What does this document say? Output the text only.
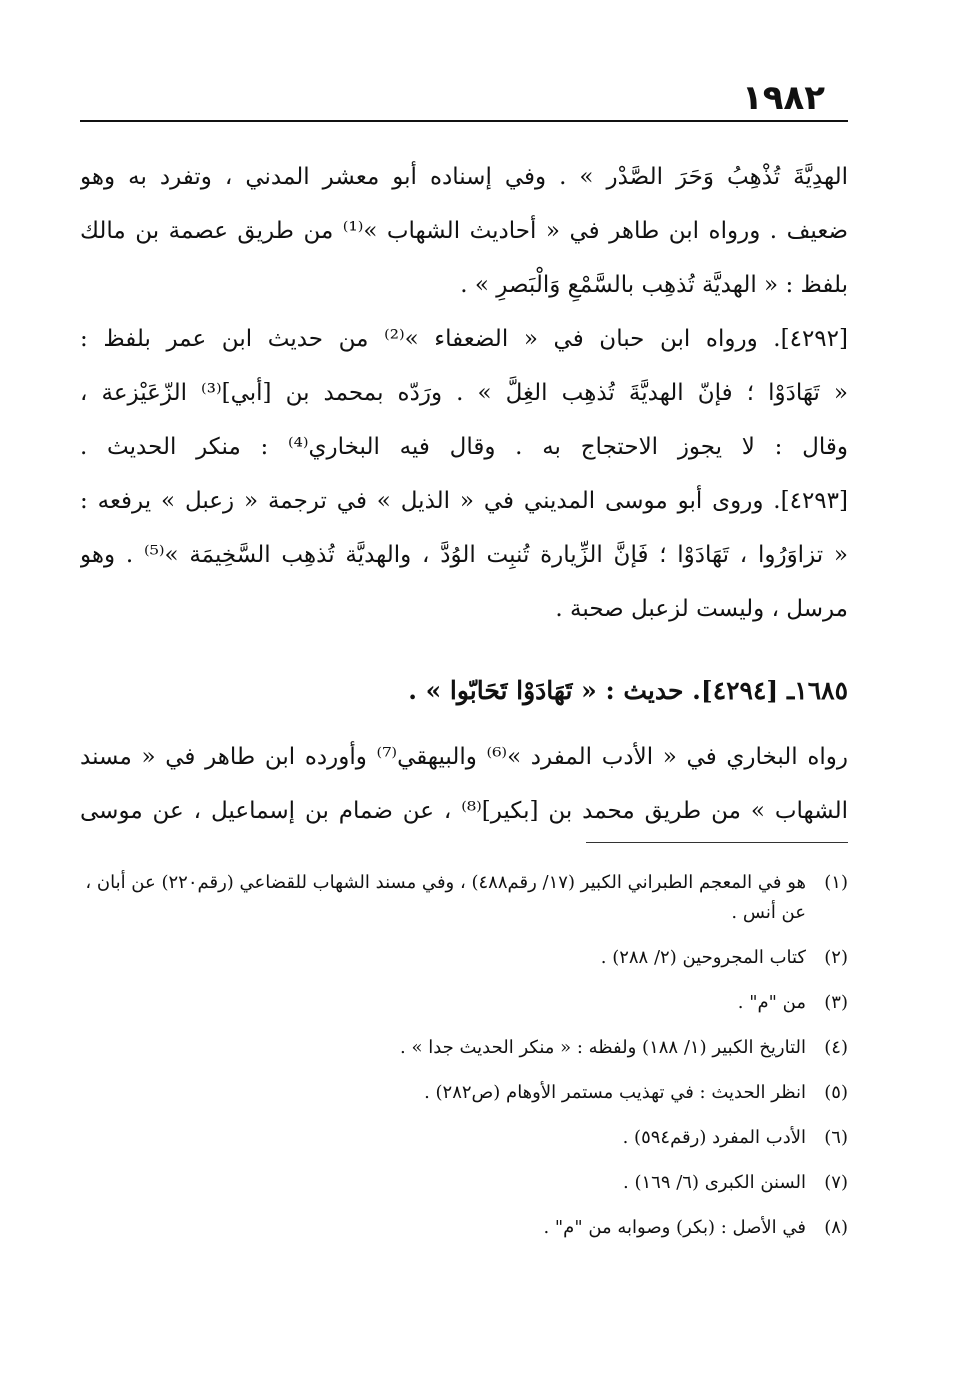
١٩٨٢
الهدِيَّةَ تُذْهِبُ وَحَرَ الصَّدْر » . وفي إسناده أبو معشر المدني ، وتفرد به وهو
ضعيف . ورواه ابن طاهر في « أحاديث الشهاب »⁽¹⁾ من طريق عصمة بن مالك
بلفظ : « الهديَّة تُذهِب بالسَّمْعِ وَالْبَصرِ » .
[٤٢٩٢]. ورواه ابن حبان في « الضعفاء »⁽²⁾ من حديث ابن عمر بلفظ :
« تَهَادَوْا ؛ فإنّ الهديَّةَ تُذهِب الغِلَّ » . ورَدّه بمحمد بن [أبي]⁽³⁾ الزّعَيْزعة ،
وقال : لا يجوز الاحتجاج به . وقال فيه البخاري⁽⁴⁾ : منكر الحديث .
[٤٢٩٣]. وروى أبو موسى المديني في « الذيل » في ترجمة « زعبل » يرفعه :
« تزاوَرُوا ، تَهَادَوْا ؛ فَإنَّ الزِّيارة تُنبِت الوُدَّ ، والهديَّة تُذهِب السَّخِيمَة »⁽⁵⁾ . وهو
مرسل ، وليست لزعبل صحبة .
١٦٨٥ـ [٤٢٩٤]. حديث : « تَهَادَوْا تَحَابّوا » .
رواه البخاري في « الأدب المفرد »⁽⁶⁾ والبيهقي⁽⁷⁾ وأورده ابن طاهر في « مسند
الشهاب » من طريق محمد بن [بكير]⁽⁸⁾ ، عن ضمام بن إسماعيل ، عن موسى
(١)
هو في المعجم الطبراني الكبير (١٧/ رقم٤٨٨) ، وفي مسند الشهاب للقضاعي (رقم٢٢٠) عن أبان ، عن أنس .
(٢)
كتاب المجروحين (٢/ ٢٨٨) .
(٣)
من "م" .
(٤)
التاريخ الكبير (١/ ١٨٨) ولفظه : « منكر الحديث جدا » .
(٥)
انظر الحديث : في تهذيب مستمر الأوهام (ص٢٨٢) .
(٦)
الأدب المفرد (رقم٥٩٤) .
(٧)
السنن الكبرى (٦/ ١٦٩) .
(٨)
في الأصل : (بكر) وصوابه من "م" .
